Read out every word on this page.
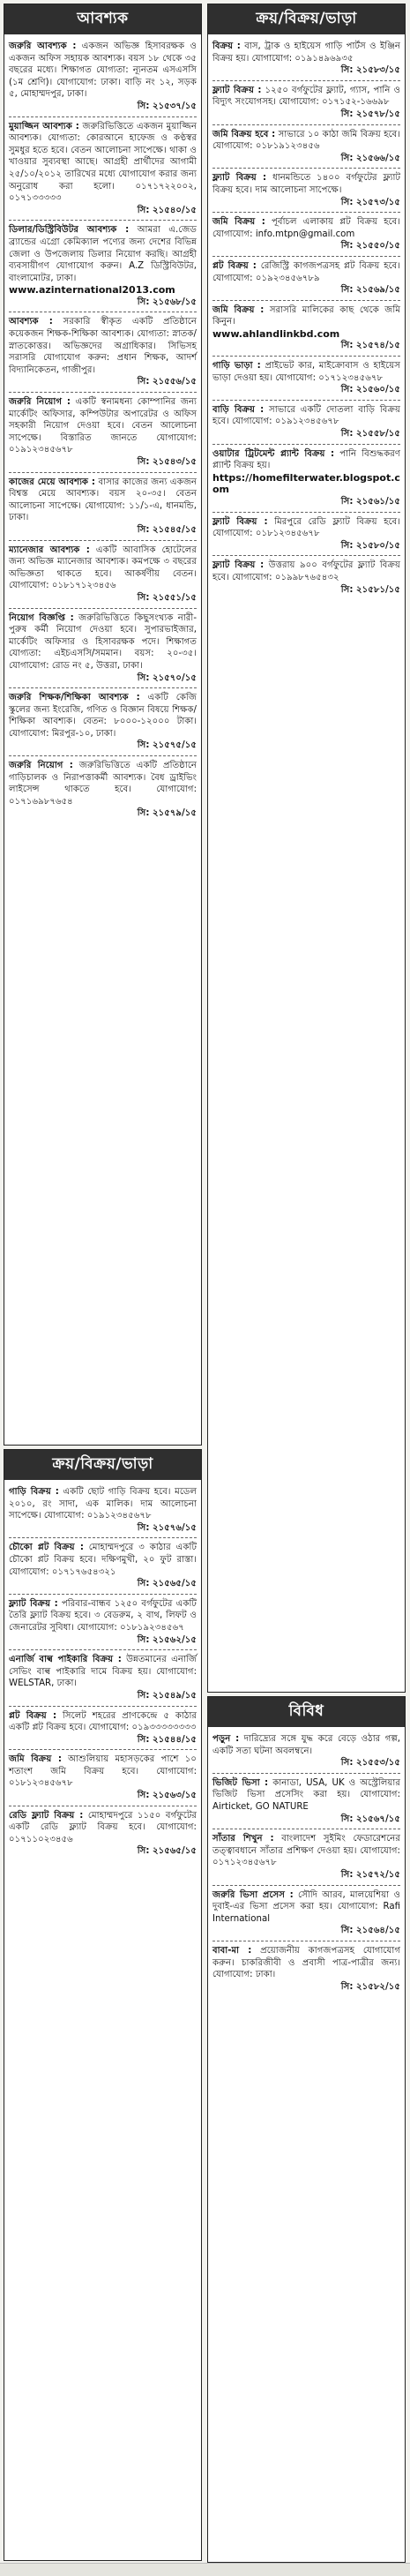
আবশ্যক
জরুরি আবশ্যক : একজন অভিজ্ঞ হিসাবরক্ষক ও একজন অফিস সহায়ক আবশ্যক। বয়স ১৮ থেকে ৩৫ বছরের মধ্যে। শিক্ষাগত যোগ্যতা: ন্যূনতম এসএসসি (১ম শ্রেণি)। যোগাযোগ: ঢাকা। বাড়ি নং ১২, সড়ক ৫, মোহাম্মদপুর, ঢাকা।
সি: ২১৫৩৭/১৫
মুয়াজ্জিন আবশ্যক : জরুরিভিত্তিতে একজন মুয়াজ্জিন আবশ্যক। যোগ্যতা: কোরআনে হাফেজ ও কণ্ঠস্বর সুমধুর হতে হবে। বেতন আলোচনা সাপেক্ষে। থাকা ও খাওয়ার সুব্যবস্থা আছে। আগ্রহী প্রার্থীদের আগামী ২৫/১০/২০১২ তারিখের মধ্যে যোগাযোগ করার জন্য অনুরোধ করা হলো। ০১৭১৭২২০০২, ০১৭১৩৩৩৩৩
সি: ২১৫৪০/১৫
ডিলার/ডিস্ট্রিবিউটর আবশ্যক : আমরা এ.জেড ব্র্যান্ডের এগ্রো কেমিক্যাল পণ্যের জন্য দেশের বিভিন্ন জেলা ও উপজেলায় ডিলার নিয়োগ করছি। আগ্রহী ব্যবসায়ীগণ যোগাযোগ করুন। A.Z ডিস্ট্রিবিউটর, বাংলামোটর, ঢাকা।
www.azinternational2013.com
সি: ২১৫৬৮/১৫
আবশ্যক : সরকারি স্বীকৃত একটি প্রতিষ্ঠানে কয়েকজন শিক্ষক-শিক্ষিকা আবশ্যক। যোগ্যতা: স্নাতক/স্নাতকোত্তর। অভিজ্ঞদের অগ্রাধিকার। সিভিসহ সরাসরি যোগাযোগ করুন: প্রধান শিক্ষক, আদর্শ বিদ্যানিকেতন, গাজীপুর।
সি: ২১৫৫৬/১৫
জরুরি নিয়োগ : একটি স্বনামধন্য কোম্পানির জন্য মার্কেটিং অফিসার, কম্পিউটার অপারেটর ও অফিস সহকারী নিয়োগ দেওয়া হবে। বেতন আলোচনা সাপেক্ষে। বিস্তারিত জানতে যোগাযোগ: ০১৯১২৩৪৫৬৭৮
সি: ২১৫৪৩/১৫
কাজের মেয়ে আবশ্যক : বাসার কাজের জন্য একজন বিশ্বস্ত মেয়ে আবশ্যক। বয়স ২০-৩৫। বেতন আলোচনা সাপেক্ষে। যোগাযোগ: ১১/১-এ, ধানমন্ডি, ঢাকা।
সি: ২১৫৪৫/১৫
ম্যানেজার আবশ্যক : একটি আবাসিক হোটেলের জন্য অভিজ্ঞ ম্যানেজার আবশ্যক। কমপক্ষে ৩ বছরের অভিজ্ঞতা থাকতে হবে। আকর্ষণীয় বেতন। যোগাযোগ: ০১৮১৭১২৩৪৫৬
সি: ২১৫৫১/১৫
নিয়োগ বিজ্ঞপ্তি : জরুরিভিত্তিতে কিছুসংখ্যক নারী-পুরুষ কর্মী নিয়োগ দেওয়া হবে। সুপারভাইজার, মার্কেটিং অফিসার ও হিসাবরক্ষক পদে। শিক্ষাগত যোগ্যতা: এইচএসসি/সমমান। বয়স: ২০-৩৫। যোগাযোগ: রোড নং ৫, উত্তরা, ঢাকা।
সি: ২১৫৭০/১৫
জরুরি শিক্ষক/শিক্ষিকা আবশ্যক : একটি কেজি স্কুলের জন্য ইংরেজি, গণিত ও বিজ্ঞান বিষয়ে শিক্ষক/শিক্ষিকা আবশ্যক। বেতন: ৮০০০-১২০০০ টাকা। যোগাযোগ: মিরপুর-১০, ঢাকা।
সি: ২১৫৭৫/১৫
জরুরি নিয়োগ : জরুরিভিত্তিতে একটি প্রতিষ্ঠানে গাড়িচালক ও নিরাপত্তাকর্মী আবশ্যক। বৈধ ড্রাইভিং লাইসেন্স থাকতে হবে। যোগাযোগ: ০১৭১৬৯৮৭৬৫৪
সি: ২১৫৭৯/১৫
ক্রয়/বিক্রয়/ভাড়া
গাড়ি বিক্রয় : একটি ছোট গাড়ি বিক্রয় হবে। মডেল ২০১০, রং সাদা, এক মালিক। দাম আলোচনা সাপেক্ষে। যোগাযোগ: ০১৯১২৩৪৫৬৭৮
সি: ২১৫৭৬/১৫
চৌকো প্লট বিক্রয় : মোহাম্মদপুরে ৩ কাঠার একটি চৌকো প্লট বিক্রয় হবে। দক্ষিণমুখী, ২০ ফুট রাস্তা। যোগাযোগ: ০১৭১৭৬৫৪৩২১
সি: ২১৫৬৫/১৫
ফ্ল্যাট বিক্রয় : পরিবার-বান্ধব ১২৫০ বর্গফুটের একটি তৈরি ফ্ল্যাট বিক্রয় হবে। ৩ বেডরুম, ২ বাথ, লিফট ও জেনারেটর সুবিধা। যোগাযোগ: ০১৮১৯২৩৪৫৬৭
সি: ২১৫৬২/১৫
এনার্জি বাল্ব পাইকারি বিক্রয় : উন্নতমানের এনার্জি সেভিং বাল্ব পাইকারি দামে বিক্রয় হয়। যোগাযোগ: WELSTAR, ঢাকা।
সি: ২১৫৪৯/১৫
প্লট বিক্রয় : সিলেট শহরের প্রাণকেন্দ্রে ৫ কাঠার একটি প্লট বিক্রয় হবে। যোগাযোগ: ০১৯৩৩৩৩৩৩৩৩
সি: ২১৫৪৪/১৫
জমি বিক্রয় : আশুলিয়ায় মহাসড়কের পাশে ১০ শতাংশ জমি বিক্রয় হবে। যোগাযোগ: ০১৮১২৩৪৫৬৭৮
সি: ২১৫৬৩/১৫
রেডি ফ্ল্যাট বিক্রয় : মোহাম্মদপুরে ১১৫০ বর্গফুটের একটি রেডি ফ্ল্যাট বিক্রয় হবে। যোগাযোগ: ০১৭১১০২৩৪৫৬
সি: ২১৫৬৫/১৫
ক্রয়/বিক্রয়/ভাড়া
বিক্রয় : বাস, ট্রাক ও হাইয়েস গাড়ি পার্টস ও ইঞ্জিন বিক্রয় হয়। যোগাযোগ: ০১৯১৪৯৬৯৩৫
সি: ২১৫৮৩/১৫
ফ্ল্যাট বিক্রয় : ১২৫০ বর্গফুটের ফ্ল্যাট, গ্যাস, পানি ও বিদ্যুৎ সংযোগসহ। যোগাযোগ: ০১৭১৫২-১৬৬৯৮
সি: ২১৫৭৮/১৫
জমি বিক্রয় হবে : সাভারে ১০ কাঠা জমি বিক্রয় হবে। যোগাযোগ: ০১৮১৯১২৩৪৫৬
সি: ২১৫৬৬/১৫
ফ্ল্যাট বিক্রয় : ধানমন্ডিতে ১৪০০ বর্গফুটের ফ্ল্যাট বিক্রয় হবে। দাম আলোচনা সাপেক্ষে।
সি: ২১৫৭৩/১৫
জমি বিক্রয় : পূর্বাচল এলাকায় প্লট বিক্রয় হবে। যোগাযোগ: info.mtpn@gmail.com
সি: ২১৫৫০/১৫
প্লট বিক্রয় : রেজিস্ট্রি কাগজপত্রসহ প্লট বিক্রয় হবে। যোগাযোগ: ০১৯২৩৪৫৬৭৮৯
সি: ২১৫৬৯/১৫
জমি বিক্রয় : সরাসরি মালিকের কাছ থেকে জমি কিনুন।
www.ahlandlinkbd.com
সি: ২১৫৭৪/১৫
গাড়ি ভাড়া : প্রাইভেট কার, মাইক্রোবাস ও হাইয়েস ভাড়া দেওয়া হয়। যোগাযোগ: ০১৭১২৩৪৫৬৭৮
সি: ২১৫৬০/১৫
বাড়ি বিক্রয় : সাভারে একটি দোতলা বাড়ি বিক্রয় হবে। যোগাযোগ: ০১৯১২৩৪৫৬৭৮
সি: ২১৫৫৮/১৫
ওয়াটার ট্রিটমেন্ট প্ল্যান্ট বিক্রয় : পানি বিশুদ্ধকরণ প্ল্যান্ট বিক্রয় হয়।
https://homefilterwater.blogspot.com
সি: ২১৫৬১/১৫
ফ্ল্যাট বিক্রয় : মিরপুরে রেডি ফ্ল্যাট বিক্রয় হবে। যোগাযোগ: ০১৮১২৩৪৫৬৭৮
সি: ২১৫৮০/১৫
ফ্ল্যাট বিক্রয় : উত্তরায় ৯০০ বর্গফুটের ফ্ল্যাট বিক্রয় হবে। যোগাযোগ: ০১৯৯৮৭৬৫৪৩২
সি: ২১৫৮১/১৫
বিবিধ
পড়ুন : দারিদ্র্যের সঙ্গে যুদ্ধ করে বেড়ে ওঠার গল্প, একটি সত্য ঘটনা অবলম্বনে।
সি: ২১৫৫৩/১৫
ভিজিট ভিসা : কানাডা, USA, UK ও অস্ট্রেলিয়ার ভিজিট ভিসা প্রসেসিং করা হয়। যোগাযোগ: Airticket, GO NATURE
সি: ২১৫৬৭/১৫
সাঁতার শিখুন : বাংলাদেশ সুইমিং ফেডারেশনের তত্ত্বাবধানে সাঁতার প্রশিক্ষণ দেওয়া হয়। যোগাযোগ: ০১৭১২৩৪৫৬৭৮
সি: ২১৫৭২/১৫
জরুরি ভিসা প্রসেস : সৌদি আরব, মালয়েশিয়া ও দুবাই-এর ভিসা প্রসেস করা হয়। যোগাযোগ: Rafi International
সি: ২১৫৬৪/১৫
বাবা-মা : প্রয়োজনীয় কাগজপত্রসহ যোগাযোগ করুন। চাকরিজীবী ও প্রবাসী পাত্র-পাত্রীর জন্য। যোগাযোগ: ঢাকা।
সি: ২১৫৮২/১৫
